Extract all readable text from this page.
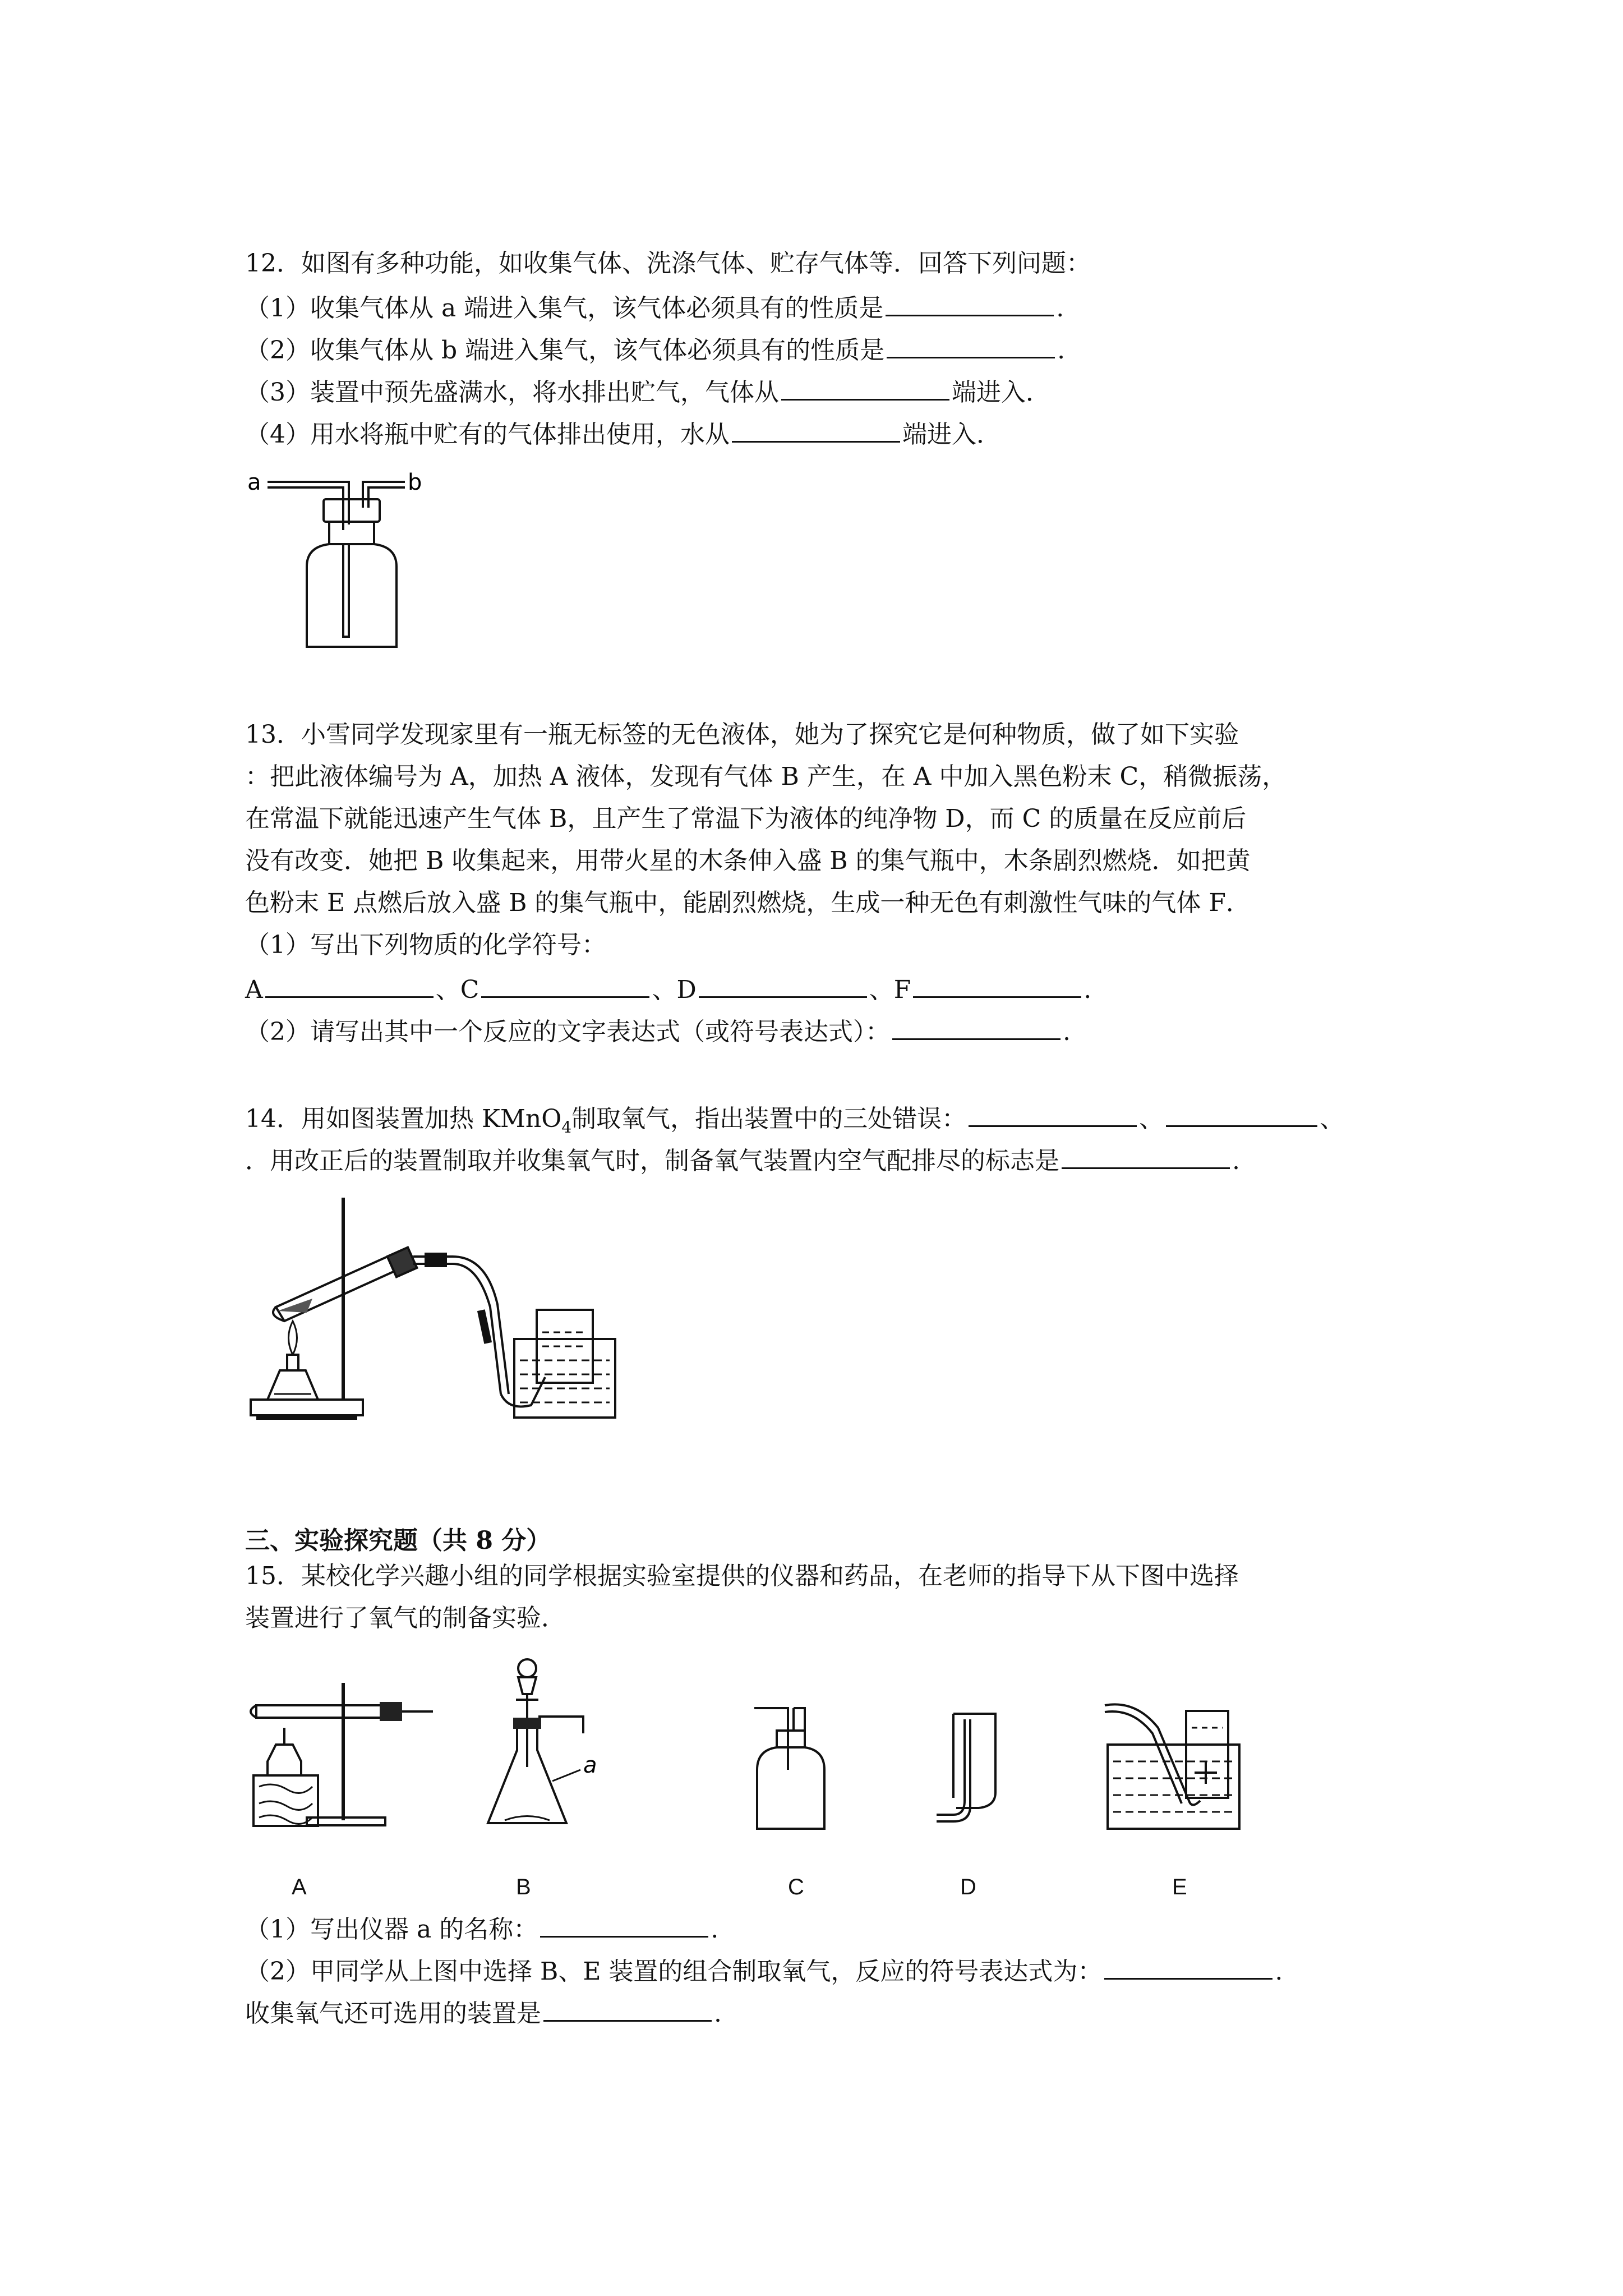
12．如图有多种功能，如收集气体、洗涤气体、贮存气体等．回答下列问题：

（1）收集气体从 a 端进入集气，该气体必须具有的性质是	.

（2）收集气体从 b 端进入集气，该气体必须具有的性质是	.

（3）装置中预先盛满水，将水排出贮气，气体从	端进入．

（4）用水将瓶中贮有的气体排出使用，水从	端进入．

a	b

13．小雪同学发现家里有一瓶无标签的无色液体，她为了探究它是何种物质，做了如下实验

：把此液体编号为 A，加热 A 液体，发现有气体 B 产生，在 A 中加入黑色粉末 C，稍微振荡，

在常温下就能迅速产生气体 B，且产生了常温下为液体的纯净物 D，而 C 的质量在反应前后

没有改变．她把 B 收集起来，用带火星的木条伸入盛 B 的集气瓶中，木条剧烈燃烧．如把黄

色粉末 E 点燃后放入盛 B 的集气瓶中，能剧烈燃烧，生成一种无色有刺激性气味的气体 F．

（1）写出下列物质的化学符号：

A	、C	、D	、F	.

（2）请写出其中一个反应的文字表达式（或符号表达式）：	.

14．用如图装置加热 KMnO$_4$制取氧气，指出装置中的三处错误：	、	、

．用改正后的装置制取并收集氧气时，制备氧气装置内空气配排尽的标志是	.

三、实验探究题（共 8 分）

15．某校化学兴趣小组的同学根据实验室提供的仪器和药品，在老师的指导下从下图中选择

装置进行了氧气的制备实验．

a
A	B	C	D	E

（1）写出仪器 a 的名称：	.

（2）甲同学从上图中选择 B、E 装置的组合制取氧气，反应的符号表达式为：	.

收集氧气还可选用的装置是	.
